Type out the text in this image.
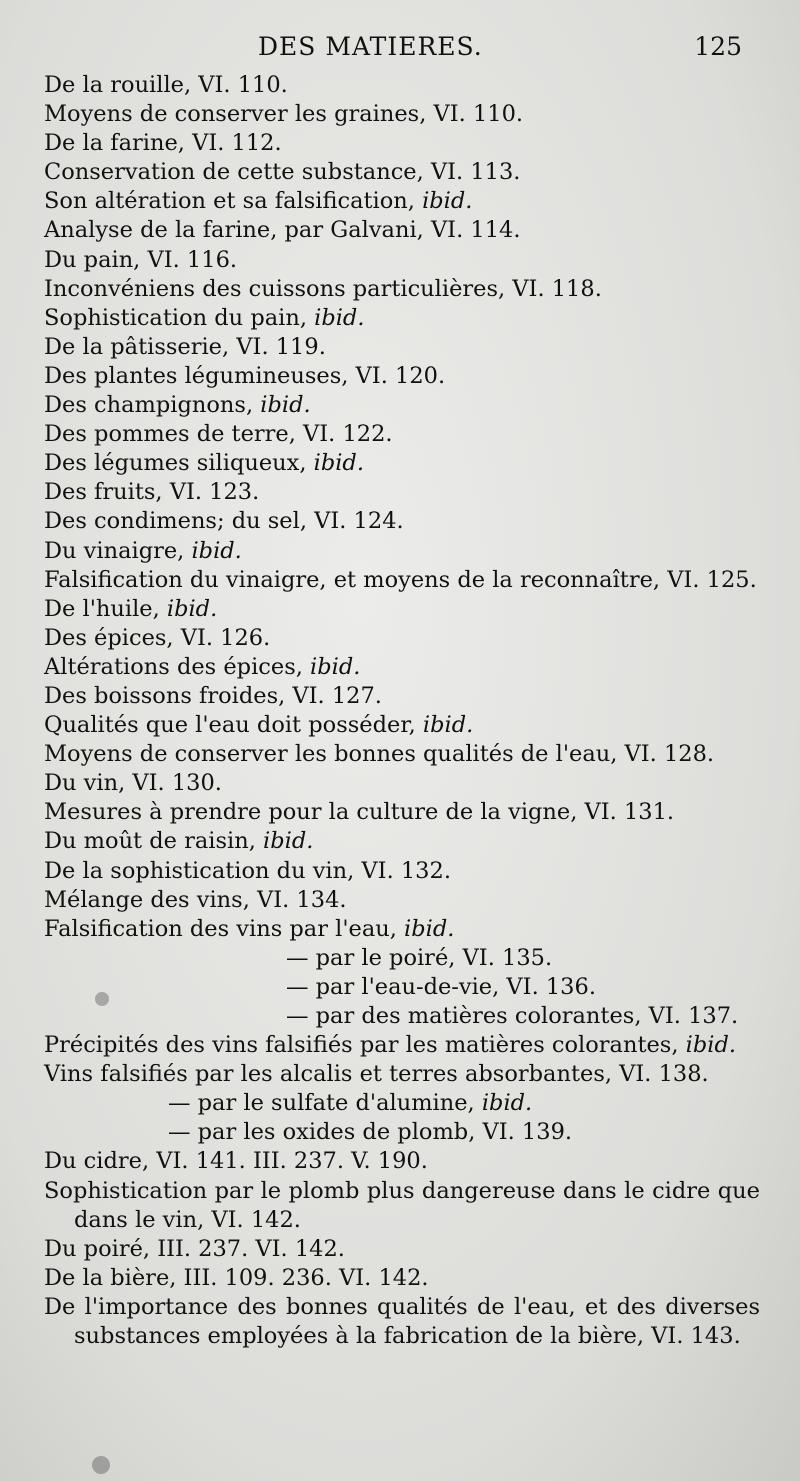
DES MATIERES.	125
De la rouille, VI. 110.
Moyens de conserver les graines, VI. 110.
De la farine, VI. 112.
Conservation de cette substance, VI. 113.
Son altération et sa falsification, ibid.
Analyse de la farine, par Galvani, VI. 114.
Du pain, VI. 116.
Inconvéniens des cuissons particulières, VI. 118.
Sophistication du pain, ibid.
De la pâtisserie, VI. 119.
Des plantes légumineuses, VI. 120.
Des champignons, ibid.
Des pommes de terre, VI. 122.
Des légumes siliqueux, ibid.
Des fruits, VI. 123.
Des condimens; du sel, VI. 124.
Du vinaigre, ibid.
Falsification du vinaigre, et moyens de la reconnaître, VI. 125.
De l'huile, ibid.
Des épices, VI. 126.
Altérations des épices, ibid.
Des boissons froides, VI. 127.
Qualités que l'eau doit posséder, ibid.
Moyens de conserver les bonnes qualités de l'eau, VI. 128.
Du vin, VI. 130.
Mesures à prendre pour la culture de la vigne, VI. 131.
Du moût de raisin, ibid.
De la sophistication du vin, VI. 132.
Mélange des vins, VI. 134.
Falsification des vins par l'eau, ibid.
— par le poiré, VI. 135.
— par l'eau-de-vie, VI. 136.
— par des matières colorantes, VI. 137.
Précipités des vins falsifiés par les matières colorantes, ibid.
Vins falsifiés par les alcalis et terres absorbantes, VI. 138.
— par le sulfate d'alumine, ibid.
— par les oxides de plomb, VI. 139.
Du cidre, VI. 141. III. 237. V. 190.
Sophistication par le plomb plus dangereuse dans le cidre que dans le vin, VI. 142.
Du poiré, III. 237. VI. 142.
De la bière, III. 109. 236. VI. 142.
De l'importance des bonnes qualités de l'eau, et des diverses substances employées à la fabrication de la bière, VI. 143.
